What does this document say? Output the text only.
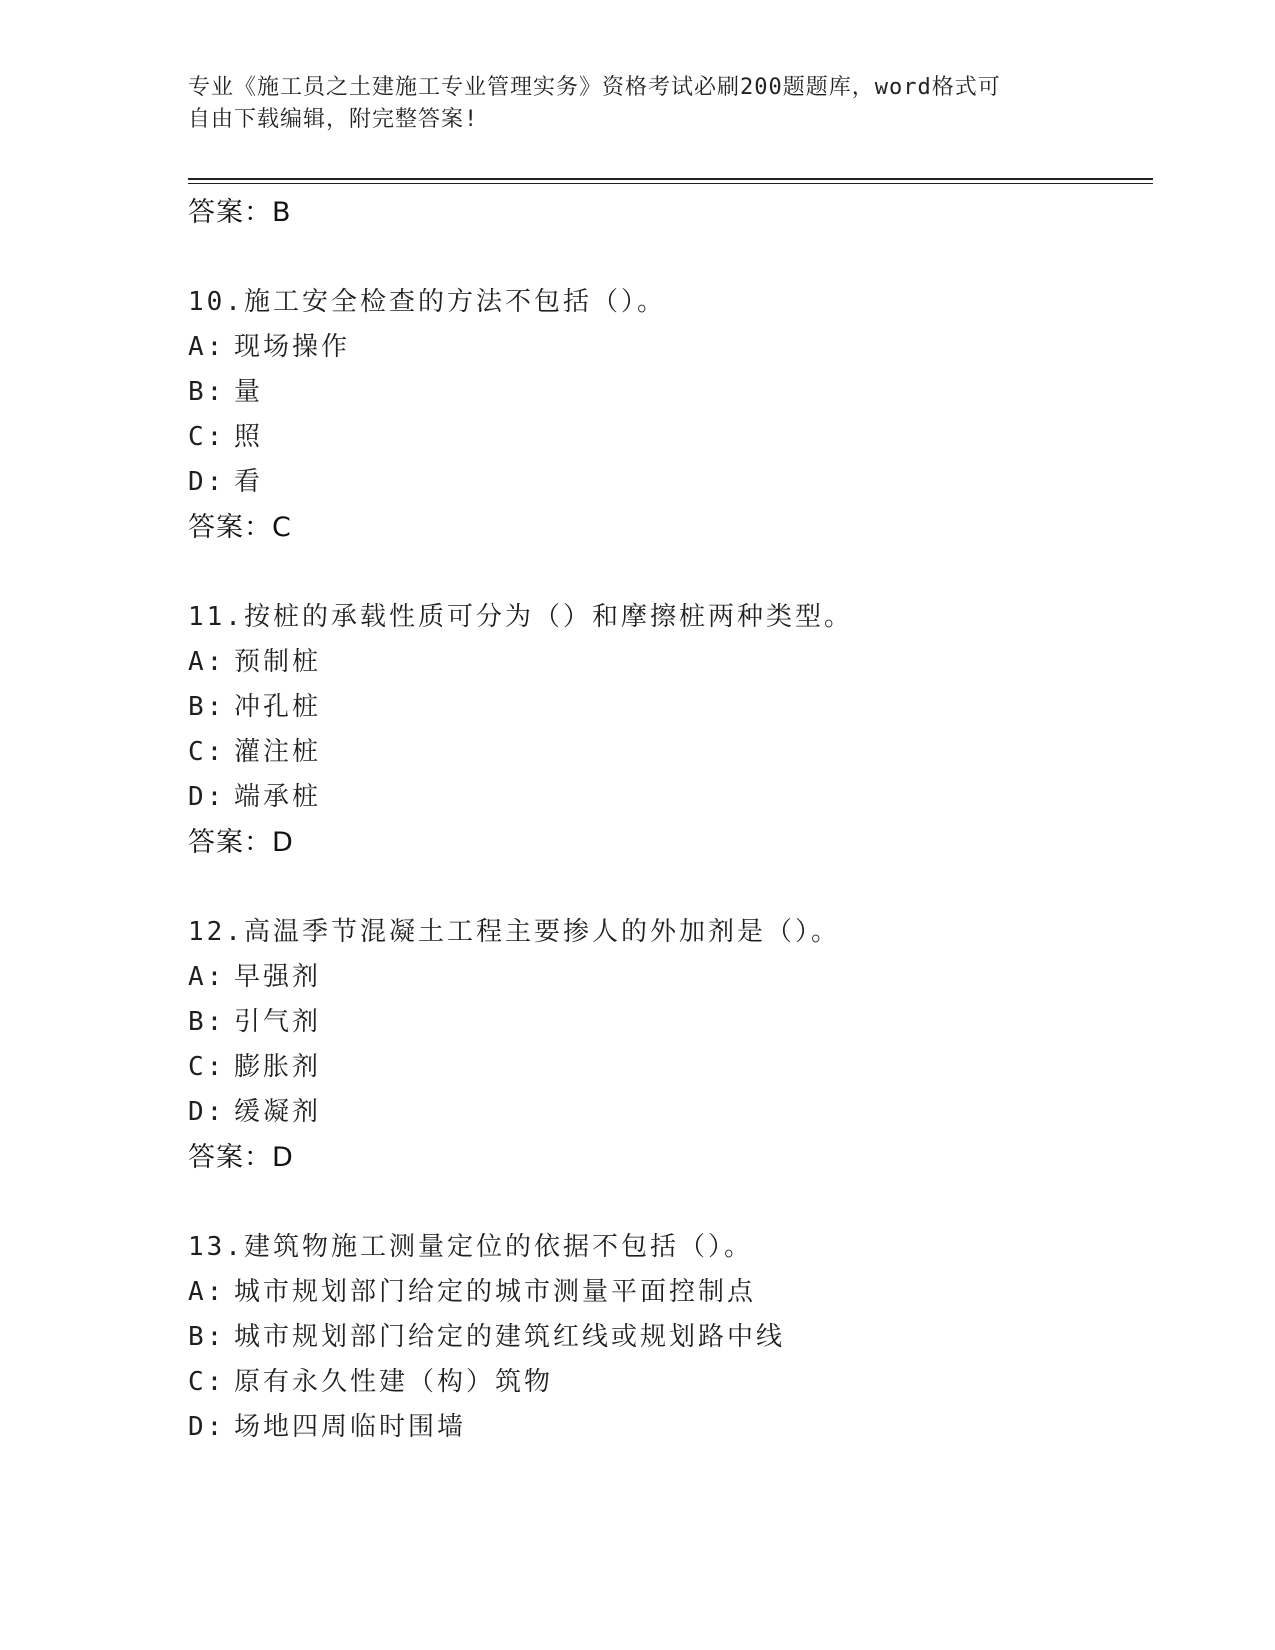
专业《施工员之土建施工专业管理实务》资格考试必刷200题题库，word格式可
自由下载编辑，附完整答案!
答案：B
10.施工安全检查的方法不包括（）。
A: 现场操作
B: 量
C: 照
D: 看
答案：C
11.按桩的承载性质可分为（）和摩擦桩两种类型。
A: 预制桩
B: 冲孔桩
C: 灌注桩
D: 端承桩
答案：D
12.高温季节混凝土工程主要掺人的外加剂是（）。
A: 早强剂
B: 引气剂
C: 膨胀剂
D: 缓凝剂
答案：D
13.建筑物施工测量定位的依据不包括（）。
A: 城市规划部门给定的城市测量平面控制点
B: 城市规划部门给定的建筑红线或规划路中线
C: 原有永久性建（构）筑物
D: 场地四周临时围墙
